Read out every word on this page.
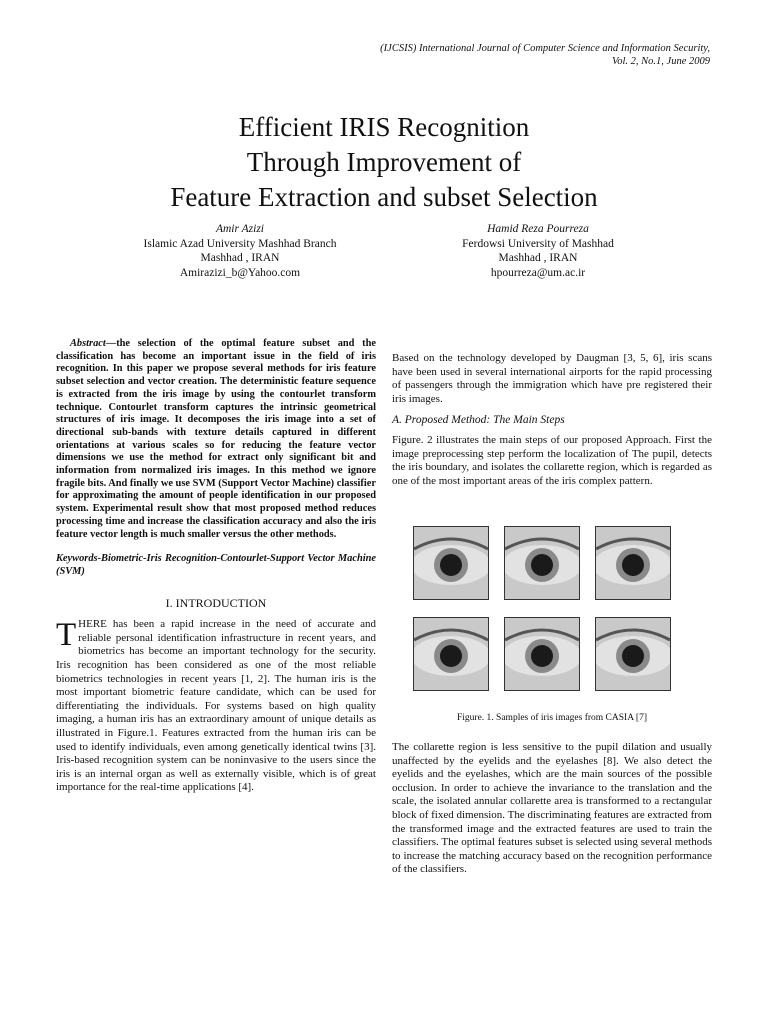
(IJCSIS) International Journal of Computer Science and Information Security,
Vol. 2, No.1, June 2009
Efficient IRIS Recognition
Through Improvement of
Feature Extraction and subset Selection
Amir Azizi
Islamic Azad University Mashhad Branch
Mashhad , IRAN
Amirazizi_b@Yahoo.com
Hamid Reza Pourreza
Ferdowsi University of Mashhad
Mashhad , IRAN
hpourreza@um.ac.ir

Abstract—the selection of the optimal feature subset and the classification has become an important issue in the field of iris recognition. In this paper we propose several methods for iris feature subset selection and vector creation. The deterministic feature sequence is extracted from the iris image by using the contourlet transform technique. Contourlet transform captures the intrinsic geometrical structures of iris image. It decomposes the iris image into a set of directional sub-bands with texture details captured in different orientations at various scales so for reducing the feature vector dimensions we use the method for extract only significant bit and information from normalized iris images. In this method we ignore fragile bits. And finally we use SVM (Support Vector Machine) classifier for approximating the amount of people identification in our proposed system. Experimental result show that most proposed method reduces processing time and increase the classification accuracy and also the iris feature vector length is much smaller versus the other methods.

Keywords-Biometric-Iris Recognition-Contourlet-Support Vector Machine (SVM)

I. INTRODUCTION

THERE has been a rapid increase in the need of accurate and reliable personal identification infrastructure in recent years, and biometrics has become an important technology for the security. Iris recognition has been considered as one of the most reliable biometrics technologies in recent years [1, 2]. The human iris is the most important biometric feature candidate, which can be used for differentiating the individuals. For systems based on high quality imaging, a human iris has an extraordinary amount of unique details as illustrated in Figure.1. Features extracted from the human iris can be used to identify individuals, even among genetically identical twins [3]. Iris-based recognition system can be noninvasive to the users since the iris is an internal organ as well as externally visible, which is of great importance for the real-time applications [4].

Based on the technology developed by Daugman [3, 5, 6], iris scans have been used in several international airports for the rapid processing of passengers through the immigration which have pre registered their iris images.

A. Proposed Method: The Main Steps

Figure. 2 illustrates the main steps of our proposed Approach. First the image preprocessing step perform the localization of The pupil, detects the iris boundary, and isolates the collarette region, which is regarded as one of the most important areas of the iris complex pattern.

Figure. 1. Samples of iris images from CASIA [7]

The collarette region is less sensitive to the pupil dilation and usually unaffected by the eyelids and the eyelashes [8]. We also detect the eyelids and the eyelashes, which are the main sources of the possible occlusion. In order to achieve the invariance to the translation and the scale, the isolated annular collarette area is transformed to a rectangular block of fixed dimension. The discriminating features are extracted from the transformed image and the extracted features are used to train the classifiers. The optimal features subset is selected using several methods to increase the matching accuracy based on the recognition performance of the classifiers.
